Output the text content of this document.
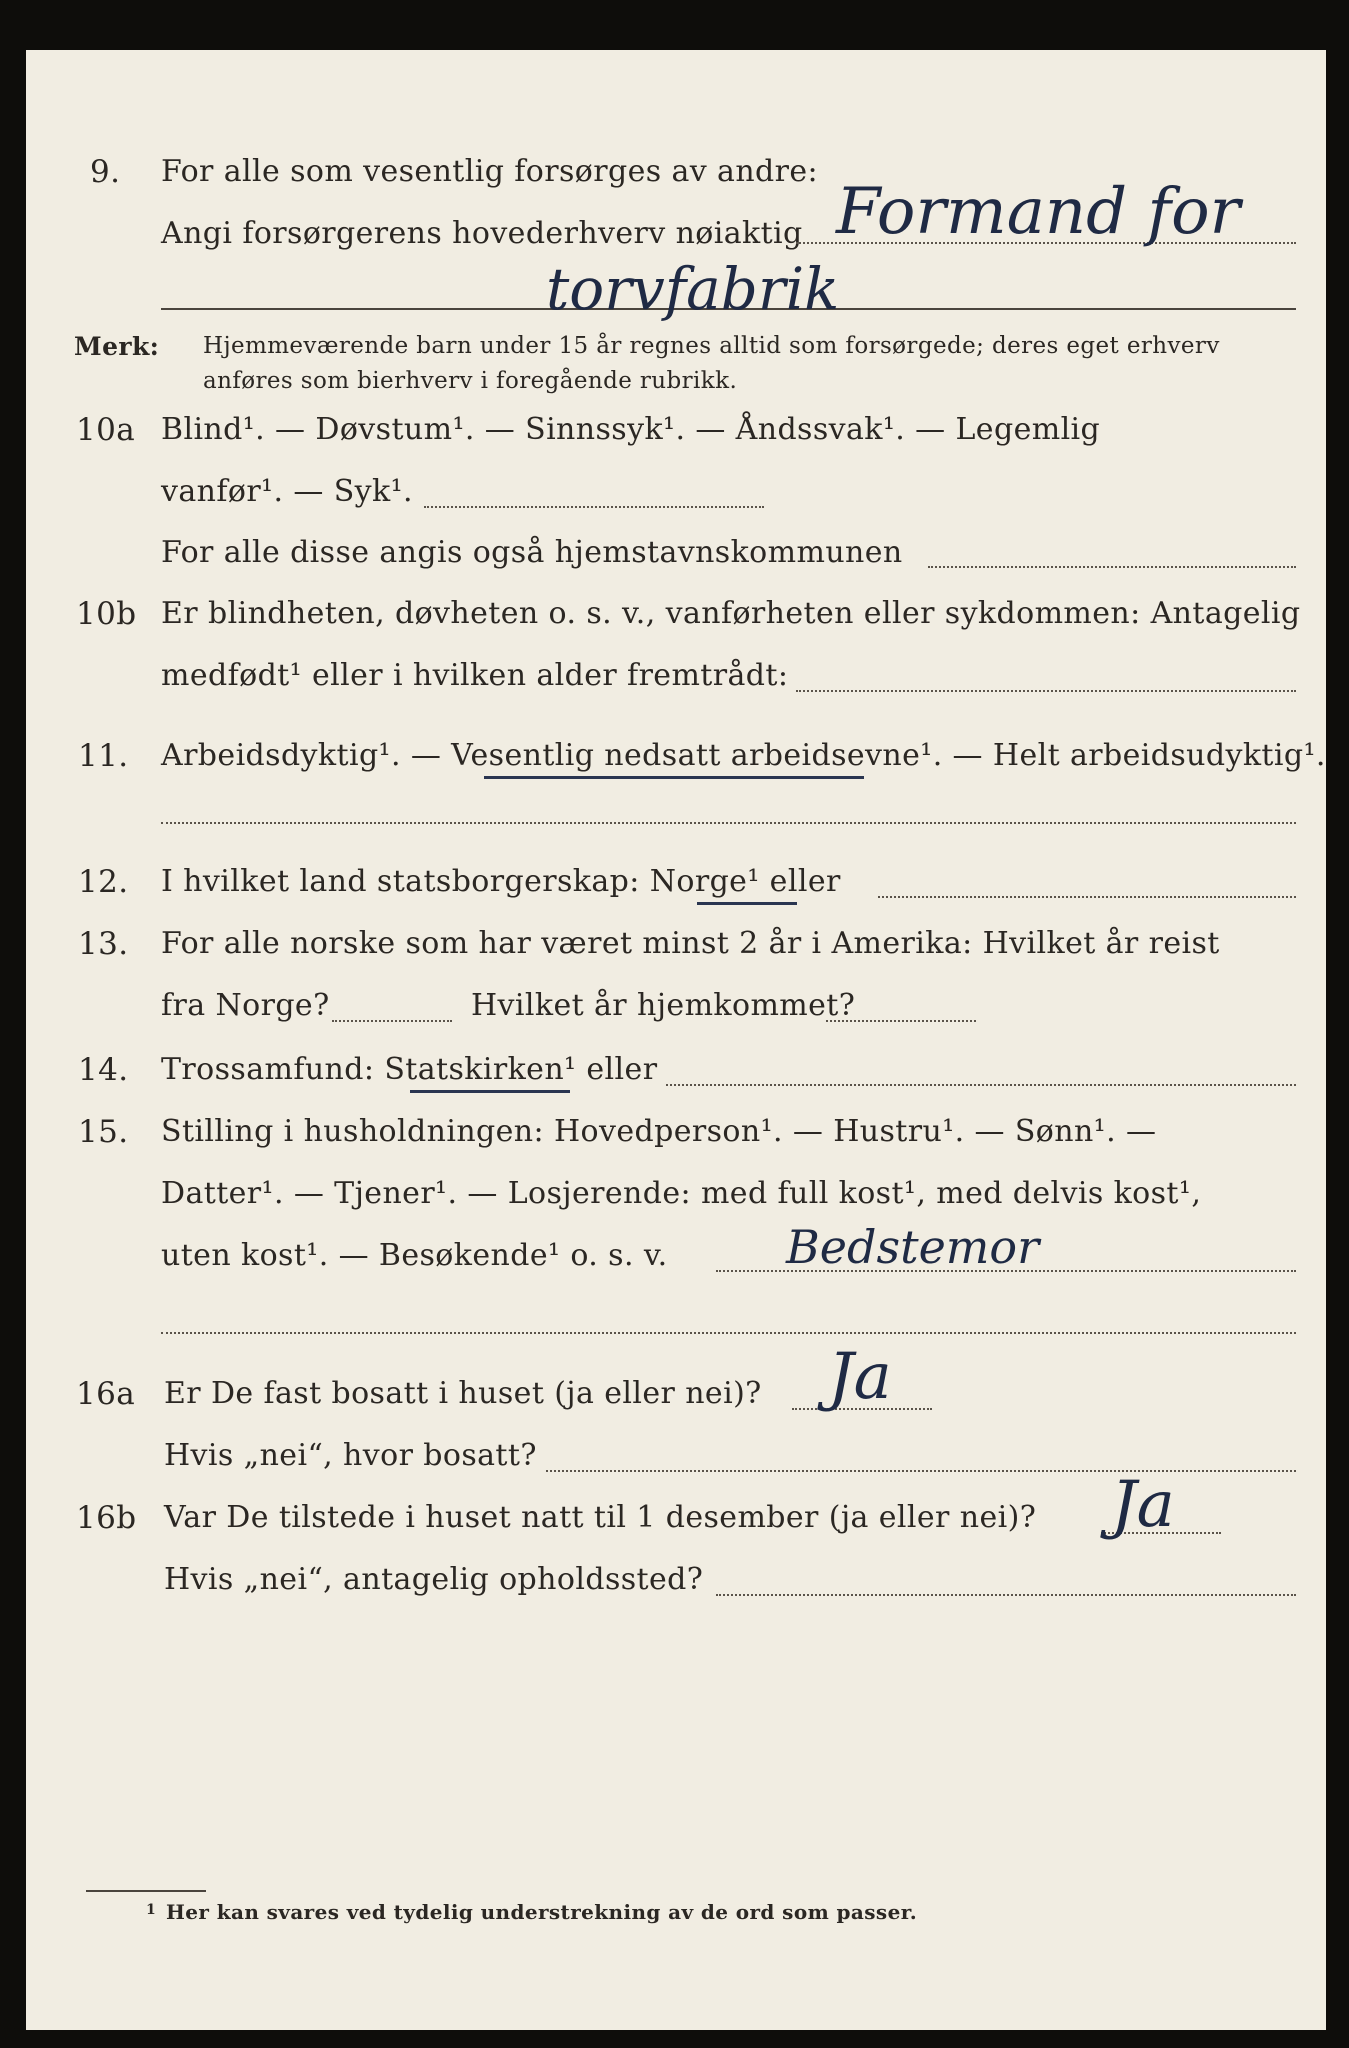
9. For alle som vesentlig forsørges av andre:
Angi forsørgerens hovederhverv nøiaktig Formand for
torvfabrik
Merk: Hjemmeværende barn under 15 år regnes alltid som forsørgede; deres eget erhverv
anføres som bierhverv i foregående rubrikk.
10a Blind¹. — Døvstum¹. — Sinnssyk¹. — Åndssvak¹. — Legemlig
vanfør¹. — Syk¹.
For alle disse angis også hjemstavnskommunen
10b Er blindheten, døvheten o. s. v., vanførheten eller sykdommen: Antagelig
medfødt¹ eller i hvilken alder fremtrådt:
11. Arbeidsdyktig¹. — Vesentlig nedsatt arbeidsevne¹. — Helt arbeidsudyktig¹.
12. I hvilket land statsborgerskap: Norge¹ eller
13. For alle norske som har været minst 2 år i Amerika: Hvilket år reist
fra Norge?	Hvilket år hjemkommet?
14. Trossamfund: Statskirken¹ eller
15. Stilling i husholdningen: Hovedperson¹. — Hustru¹. — Sønn¹. —
Datter¹. — Tjener¹. — Losjerende: med full kost¹, med delvis kost¹,
uten kost¹. — Besøkende¹ o. s. v.	Bedstemor
16a Er De fast bosatt i huset (ja eller nei)? Ja
Hvis „nei“, hvor bosatt?
16b Var De tilstede i huset natt til 1 desember (ja eller nei)? Ja
Hvis „nei“, antagelig opholdssted?
1 Her kan svares ved tydelig understrekning av de ord som passer.
